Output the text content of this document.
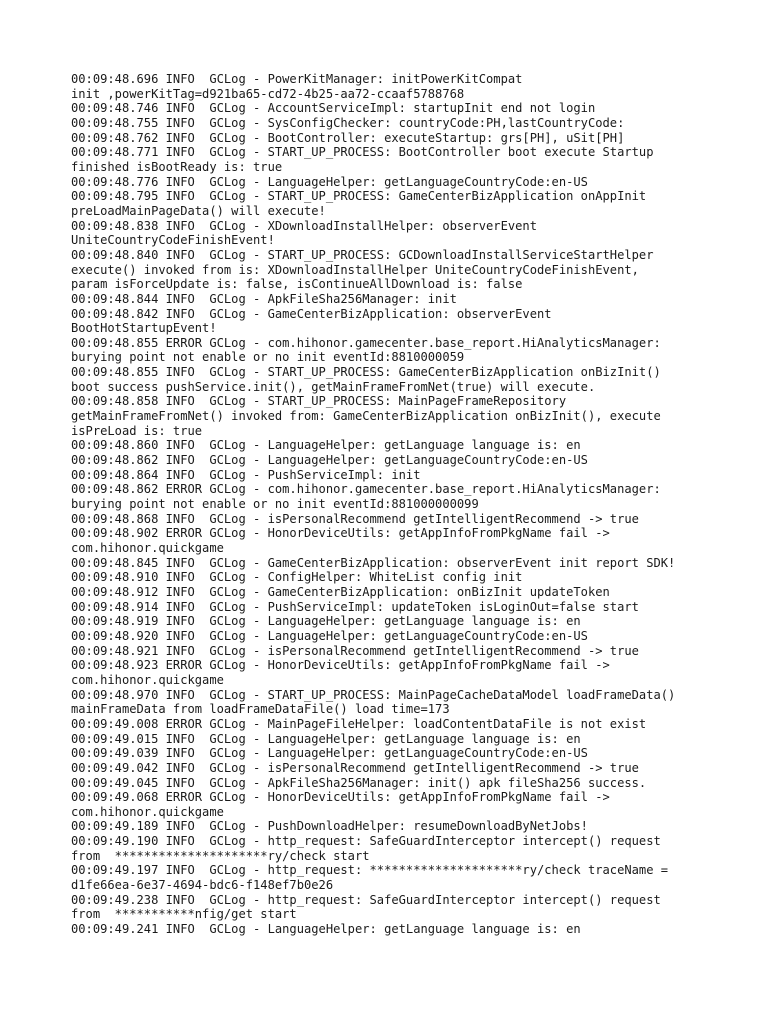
00:09:48.696 INFO  GCLog - PowerKitManager: initPowerKitCompat
init ,powerKitTag=d921ba65-cd72-4b25-aa72-ccaaf5788768
00:09:48.746 INFO  GCLog - AccountServiceImpl: startupInit end not login
00:09:48.755 INFO  GCLog - SysConfigChecker: countryCode:PH,lastCountryCode:
00:09:48.762 INFO  GCLog - BootController: executeStartup: grs[PH], uSit[PH]
00:09:48.771 INFO  GCLog - START_UP_PROCESS: BootController boot execute Startup
finished isBootReady is: true
00:09:48.776 INFO  GCLog - LanguageHelper: getLanguageCountryCode:en-US
00:09:48.795 INFO  GCLog - START_UP_PROCESS: GameCenterBizApplication onAppInit
preLoadMainPageData() will execute!
00:09:48.838 INFO  GCLog - XDownloadInstallHelper: observerEvent
UniteCountryCodeFinishEvent!
00:09:48.840 INFO  GCLog - START_UP_PROCESS: GCDownloadInstallServiceStartHelper
execute() invoked from is: XDownloadInstallHelper UniteCountryCodeFinishEvent,
param isForceUpdate is: false, isContinueAllDownload is: false
00:09:48.844 INFO  GCLog - ApkFileSha256Manager: init
00:09:48.842 INFO  GCLog - GameCenterBizApplication: observerEvent
BootHotStartupEvent!
00:09:48.855 ERROR GCLog - com.hihonor.gamecenter.base_report.HiAnalyticsManager:
burying point not enable or no init eventId:8810000059
00:09:48.855 INFO  GCLog - START_UP_PROCESS: GameCenterBizApplication onBizInit()
boot success pushService.init(), getMainFrameFromNet(true) will execute.
00:09:48.858 INFO  GCLog - START_UP_PROCESS: MainPageFrameRepository
getMainFrameFromNet() invoked from: GameCenterBizApplication onBizInit(), execute
isPreLoad is: true
00:09:48.860 INFO  GCLog - LanguageHelper: getLanguage language is: en
00:09:48.862 INFO  GCLog - LanguageHelper: getLanguageCountryCode:en-US
00:09:48.864 INFO  GCLog - PushServiceImpl: init
00:09:48.862 ERROR GCLog - com.hihonor.gamecenter.base_report.HiAnalyticsManager:
burying point not enable or no init eventId:881000000099
00:09:48.868 INFO  GCLog - isPersonalRecommend getIntelligentRecommend -> true
00:09:48.902 ERROR GCLog - HonorDeviceUtils: getAppInfoFromPkgName fail ->
com.hihonor.quickgame
00:09:48.845 INFO  GCLog - GameCenterBizApplication: observerEvent init report SDK!
00:09:48.910 INFO  GCLog - ConfigHelper: WhiteList config init
00:09:48.912 INFO  GCLog - GameCenterBizApplication: onBizInit updateToken
00:09:48.914 INFO  GCLog - PushServiceImpl: updateToken isLoginOut=false start
00:09:48.919 INFO  GCLog - LanguageHelper: getLanguage language is: en
00:09:48.920 INFO  GCLog - LanguageHelper: getLanguageCountryCode:en-US
00:09:48.921 INFO  GCLog - isPersonalRecommend getIntelligentRecommend -> true
00:09:48.923 ERROR GCLog - HonorDeviceUtils: getAppInfoFromPkgName fail ->
com.hihonor.quickgame
00:09:48.970 INFO  GCLog - START_UP_PROCESS: MainPageCacheDataModel loadFrameData()
mainFrameData from loadFrameDataFile() load time=173
00:09:49.008 ERROR GCLog - MainPageFileHelper: loadContentDataFile is not exist
00:09:49.015 INFO  GCLog - LanguageHelper: getLanguage language is: en
00:09:49.039 INFO  GCLog - LanguageHelper: getLanguageCountryCode:en-US
00:09:49.042 INFO  GCLog - isPersonalRecommend getIntelligentRecommend -> true
00:09:49.045 INFO  GCLog - ApkFileSha256Manager: init() apk fileSha256 success.
00:09:49.068 ERROR GCLog - HonorDeviceUtils: getAppInfoFromPkgName fail ->
com.hihonor.quickgame
00:09:49.189 INFO  GCLog - PushDownloadHelper: resumeDownloadByNetJobs!
00:09:49.190 INFO  GCLog - http_request: SafeGuardInterceptor intercept() request
from  *********************ry/check start
00:09:49.197 INFO  GCLog - http_request: *********************ry/check traceName =
d1fe66ea-6e37-4694-bdc6-f148ef7b0e26
00:09:49.238 INFO  GCLog - http_request: SafeGuardInterceptor intercept() request
from  ***********nfig/get start
00:09:49.241 INFO  GCLog - LanguageHelper: getLanguage language is: en
